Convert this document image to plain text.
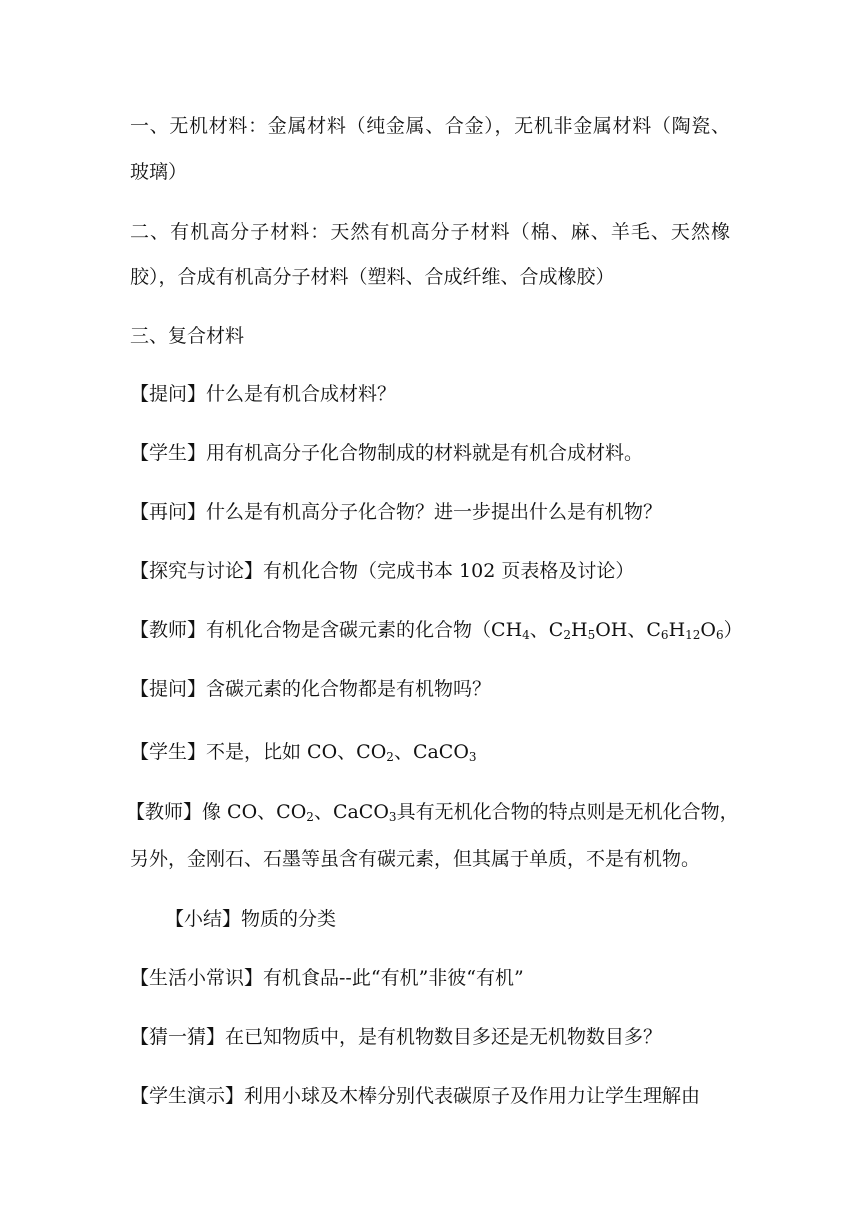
一、无机材料：金属材料（纯金属、合金），无机非金属材料（陶瓷、
玻璃）
二、有机高分子材料：天然有机高分子材料（棉、麻、羊毛、天然橡
胶），合成有机高分子材料（塑料、合成纤维、合成橡胶）
三、复合材料
【提问】什么是有机合成材料？
【学生】用有机高分子化合物制成的材料就是有机合成材料。
【再问】什么是有机高分子化合物？进一步提出什么是有机物？
【探究与讨论】有机化合物（完成书本 102 页表格及讨论）
【教师】有机化合物是含碳元素的化合物（$CH_4$、$C_2H_5OH$、$C_6H_{12}O_6$）
【提问】含碳元素的化合物都是有机物吗？
【学生】不是，比如 CO、$CO_2$、CaCO$_3$
【教师】像 CO、$CO_2$、CaCO$_3$具有无机化合物的特点则是无机化合物，
另外，金刚石、石墨等虽含有碳元素，但其属于单质，不是有机物。
【小结】物质的分类
【生活小常识】有机食品--此“有机”非彼“有机”
【猜一猜】在已知物质中，是有机物数目多还是无机物数目多？
【学生演示】利用小球及木棒分别代表碳原子及作用力让学生理解由
